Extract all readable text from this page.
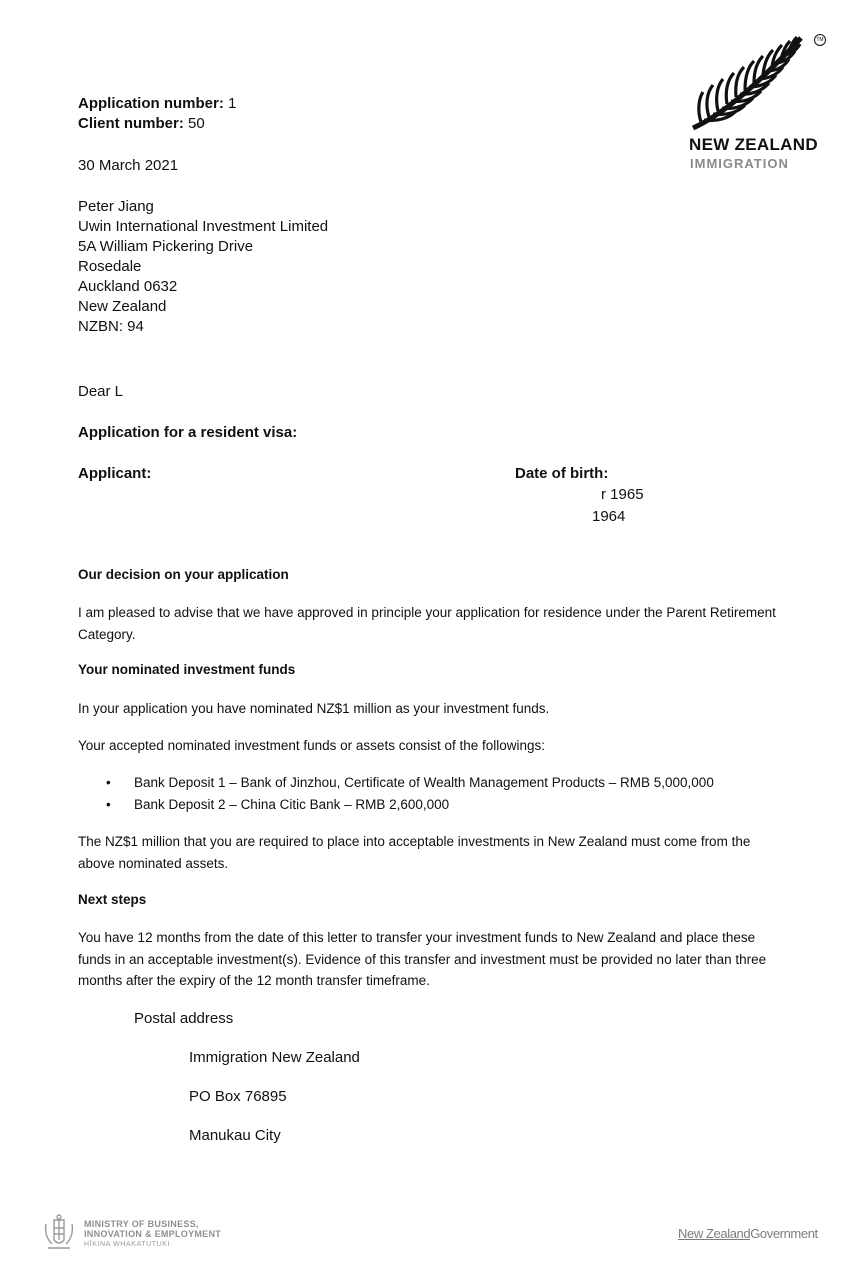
TM
NEW ZEALAND
IMMIGRATION
Application number: 1
Client number: 50
30 March 2021
Peter Jiang
Uwin International Investment Limited
5A William Pickering Drive
Rosedale
Auckland 0632
New Zealand
NZBN: 94
Dear L
Application for a resident visa:
Applicant:	Date of birth:
r 1965
1964
Our decision on your application
I am pleased to advise that we have approved in principle your application for residence under the Parent Retirement Category.
Your nominated investment funds
In your application you have nominated NZ$1 million as your investment funds.
Your accepted nominated investment funds or assets consist of the followings:
• Bank Deposit 1 – Bank of Jinzhou, Certificate of Wealth Management Products – RMB 5,000,000
• Bank Deposit 2 – China Citic Bank – RMB 2,600,000
The NZ$1 million that you are required to place into acceptable investments in New Zealand must come from the above nominated assets.
Next steps
You have 12 months from the date of this letter to transfer your investment funds to New Zealand and place these funds in an acceptable investment(s). Evidence of this transfer and investment must be provided no later than three months after the expiry of the 12 month transfer timeframe.
Postal address
Immigration New Zealand
PO Box 76895
Manukau City
MINISTRY OF BUSINESS,
INNOVATION & EMPLOYMENT
HĪKINA WHAKATUTUKI
New ZealandGovernment
